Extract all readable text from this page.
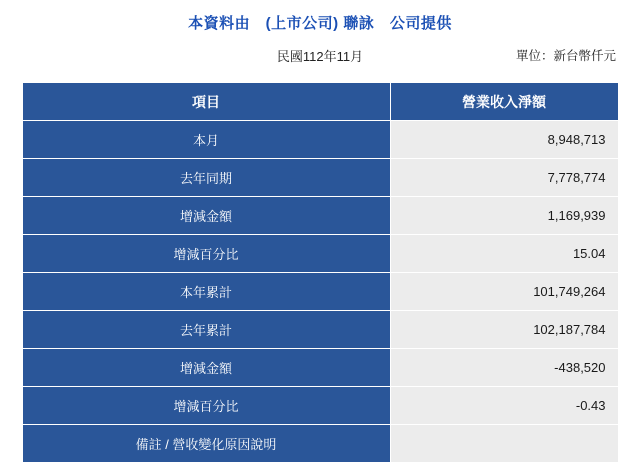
本資料由　(上市公司) 聯詠　公司提供
民國112年11月	單位：新台幣仟元
項目	營業收入淨額
本月	8,948,713
去年同期	7,778,774
增減金額	1,169,939
增減百分比	15.04
本年累計	101,749,264
去年累計	102,187,784
增減金額	-438,520
增減百分比	-0.43
備註 / 營收變化原因說明	
